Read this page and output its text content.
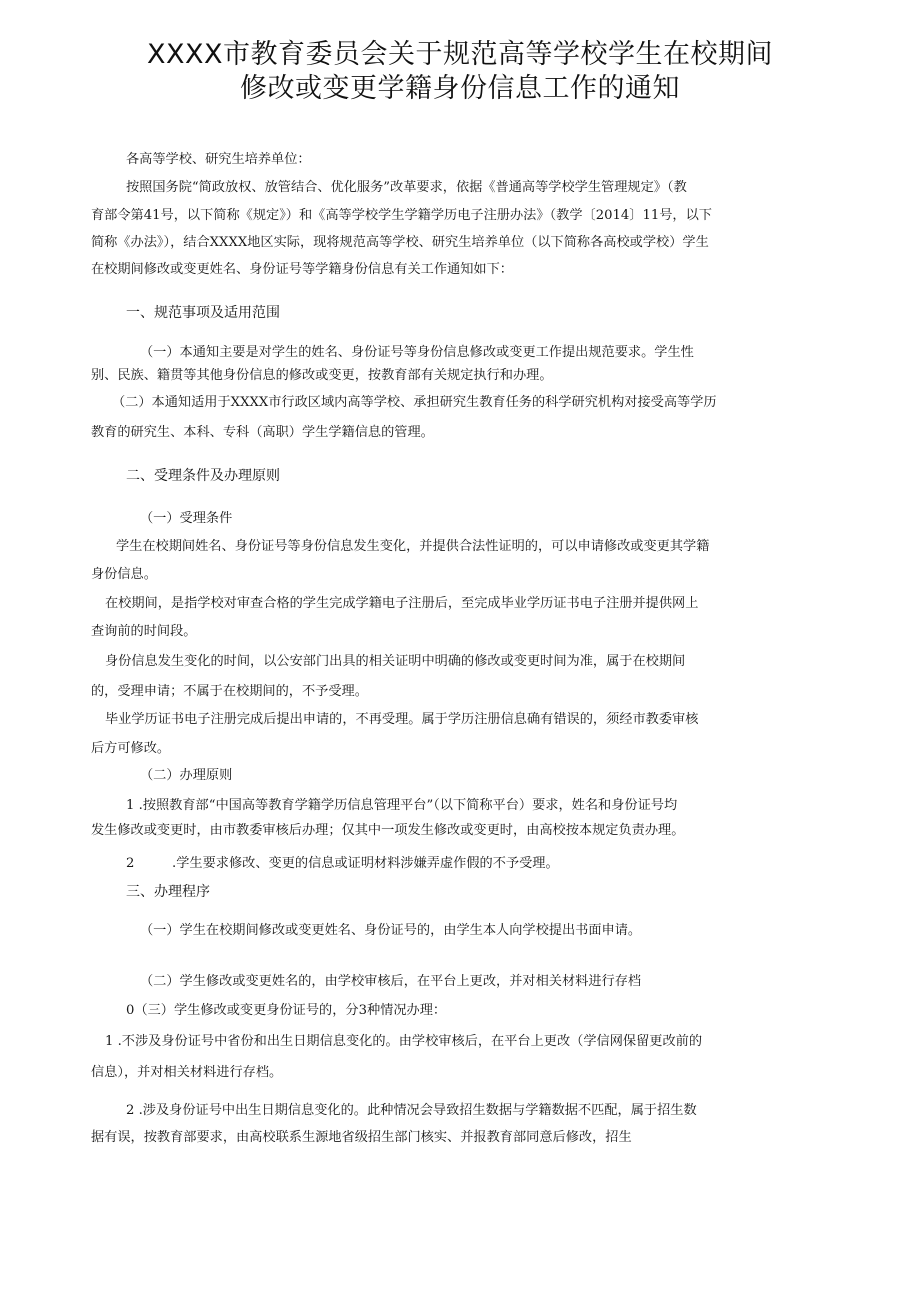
XXXX市教育委员会关于规范高等学校学生在校期间
修改或变更学籍身份信息工作的通知
各高等学校、研究生培养单位：
按照国务院“简政放权、放管结合、优化服务”改革要求，依据《普通高等学校学生管理规定》（教
育部令第41号，以下简称《规定》）和《高等学校学生学籍学历电子注册办法》（教学〔2014〕11号，以下
简称《办法》），结合XXXX地区实际，现将规范高等学校、研究生培养单位（以下简称各高校或学校）学生
在校期间修改或变更姓名、身份证号等学籍身份信息有关工作通知如下：
一、规范事项及适用范围
（一）本通知主要是对学生的姓名、身份证号等身份信息修改或变更工作提出规范要求。学生性
别、民族、籍贯等其他身份信息的修改或变更，按教育部有关规定执行和办理。
（二）本通知适用于XXXX市行政区域内高等学校、承担研究生教育任务的科学研究机构对接受高等学历
教育的研究生、本科、专科（高职）学生学籍信息的管理。
二、受理条件及办理原则
（一）受理条件
学生在校期间姓名、身份证号等身份信息发生变化，并提供合法性证明的，可以申请修改或变更其学籍
身份信息。
在校期间，是指学校对审查合格的学生完成学籍电子注册后，至完成毕业学历证书电子注册并提供网上
查询前的时间段。
身份信息发生变化的时间，以公安部门出具的相关证明中明确的修改或变更时间为准，属于在校期间
的，受理申请；不属于在校期间的，不予受理。
毕业学历证书电子注册完成后提出申请的，不再受理。属于学历注册信息确有错误的，须经市教委审核
后方可修改。
（二）办理原则
1 .按照教育部“中国高等教育学籍学历信息管理平台”（以下简称平台）要求，姓名和身份证号均
发生修改或变更时，由市教委审核后办理；仅其中一项发生修改或变更时，由高校按本规定负责办理。
2	.学生要求修改、变更的信息或证明材料涉嫌弄虚作假的不予受理。
三、办理程序
（一）学生在校期间修改或变更姓名、身份证号的，由学生本人向学校提出书面申请。
（二）学生修改或变更姓名的，由学校审核后，在平台上更改，并对相关材料进行存档
0（三）学生修改或变更身份证号的，分3种情况办理：
1 .不涉及身份证号中省份和出生日期信息变化的。由学校审核后，在平台上更改（学信网保留更改前的
信息），并对相关材料进行存档。
2 .涉及身份证号中出生日期信息变化的。此种情况会导致招生数据与学籍数据不匹配，属于招生数
据有误，按教育部要求，由高校联系生源地省级招生部门核实、并报教育部同意后修改，招生
